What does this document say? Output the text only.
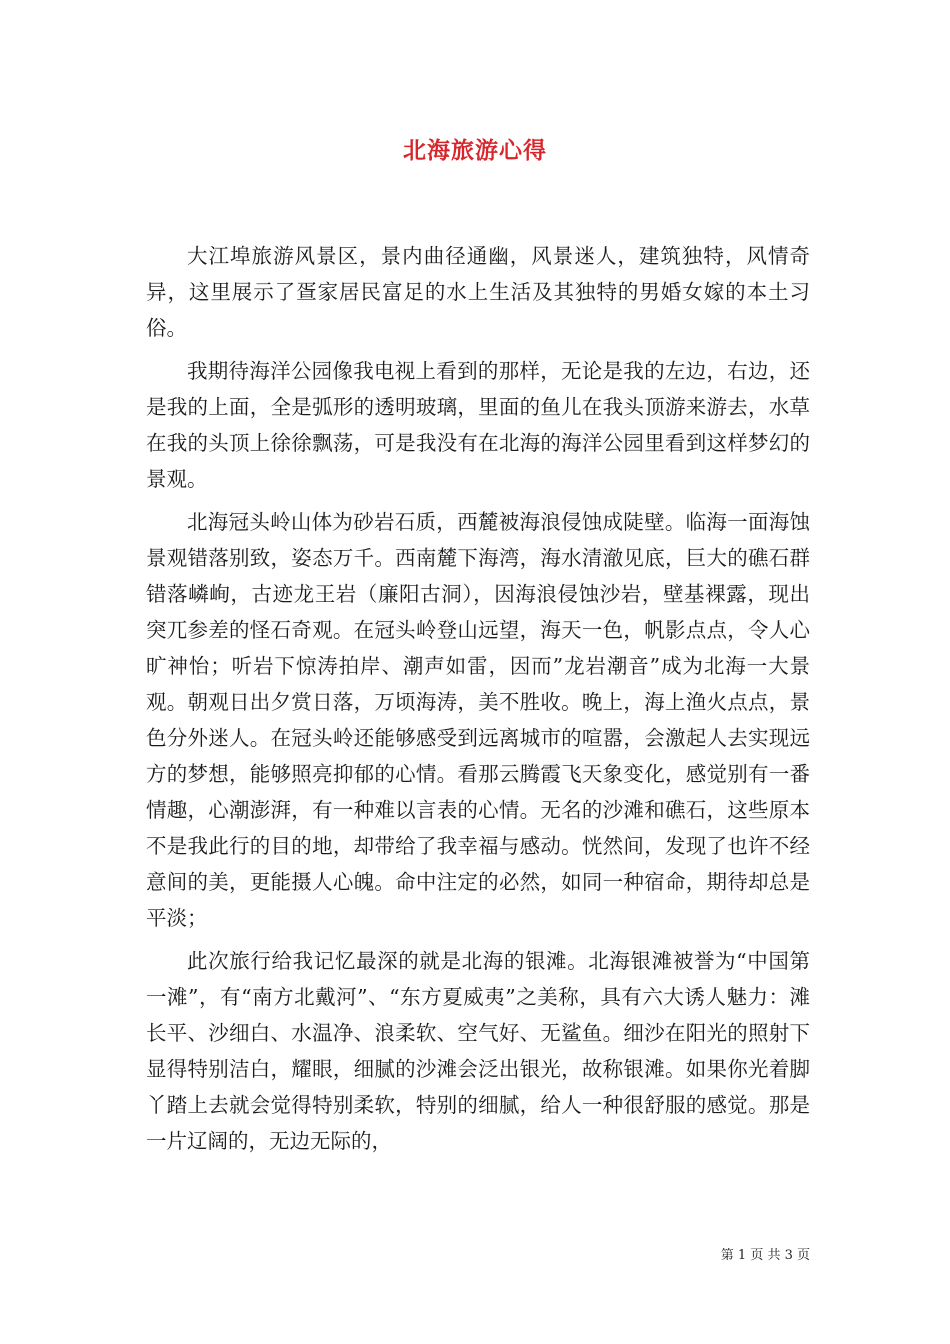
北海旅游心得

大江埠旅游风景区，景内曲径通幽，风景迷人，建筑独特，风情奇异，这里展示了疍家居民富足的水上生活及其独特的男婚女嫁的本土习俗。

我期待海洋公园像我电视上看到的那样，无论是我的左边，右边，还是我的上面，全是弧形的透明玻璃，里面的鱼儿在我头顶游来游去，水草在我的头顶上徐徐飘荡，可是我没有在北海的海洋公园里看到这样梦幻的景观。

北海冠头岭山体为砂岩石质，西麓被海浪侵蚀成陡壁。临海一面海蚀景观错落别致，姿态万千。西南麓下海湾，海水清澈见底，巨大的礁石群错落嶙峋，古迹龙王岩（廉阳古洞），因海浪侵蚀沙岩，壁基裸露，现出突兀参差的怪石奇观。在冠头岭登山远望，海天一色，帆影点点，令人心旷神怡；听岩下惊涛拍岸、潮声如雷，因而”龙岩潮音”成为北海一大景观。朝观日出夕赏日落，万顷海涛，美不胜收。晚上，海上渔火点点，景色分外迷人。在冠头岭还能够感受到远离城市的喧嚣，会激起人去实现远方的梦想，能够照亮抑郁的心情。看那云腾霞飞天象变化，感觉别有一番情趣，心潮澎湃，有一种难以言表的心情。无名的沙滩和礁石，这些原本不是我此行的目的地，却带给了我幸福与感动。恍然间，发现了也许不经意间的美，更能摄人心魄。命中注定的必然，如同一种宿命，期待却总是平淡；

此次旅行给我记忆最深的就是北海的银滩。北海银滩被誉为“中国第一滩”，有“南方北戴河”、“东方夏威夷”之美称，具有六大诱人魅力：滩长平、沙细白、水温净、浪柔软、空气好、无鲨鱼。细沙在阳光的照射下显得特别洁白，耀眼，细腻的沙滩会泛出银光，故称银滩。如果你光着脚丫踏上去就会觉得特别柔软，特别的细腻，给人一种很舒服的感觉。那是一片辽阔的，无边无际的，

第 1 页 共 3 页
